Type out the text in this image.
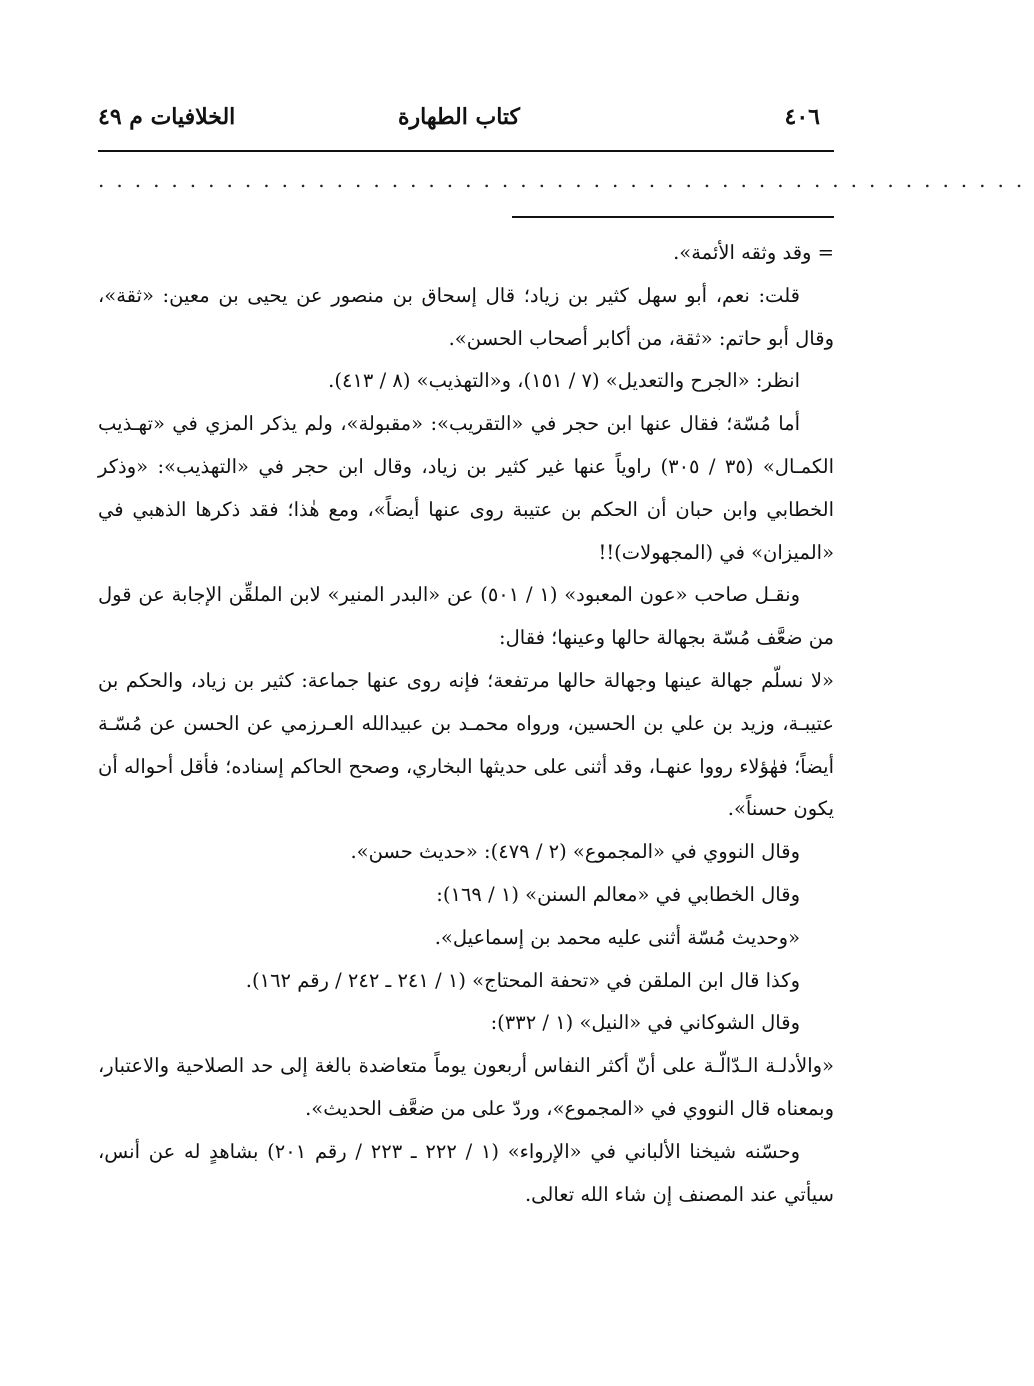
٤٠٦
كتاب الطهارة
الخلافيات م ٤٩
...................................................

= وقد وثقه الأئمة».

قلت: نعم، أبو سهل كثير بن زياد؛ قال إسحاق بن منصور عن يحيى بن معين: «ثقة»، وقال أبو حاتم: «ثقة، من أكابر أصحاب الحسن».

انظر: «الجرح والتعديل» (٧ / ١٥١)، و«التهذيب» (٨ / ٤١٣).

أما مُسّة؛ فقال عنها ابن حجر في «التقريب»: «مقبولة»، ولم يذكر المزي في «تهـذيب الكمـال» (٣٥ / ٣٠٥) راوياً عنها غير كثير بن زياد، وقال ابن حجر في «التهذيب»: «وذكر الخطابي وابن حبان أن الحكم بن عتيبة روى عنها أيضاً»، ومع هٰذا؛ فقد ذكرها الذهبي في «الميزان» في (المجهولات)!!

ونقـل صاحب «عون المعبود» (١ / ٥٠١) عن «البدر المنير» لابن الملقِّن الإجابة عن قول من ضعَّف مُسّة بجهالة حالها وعينها؛ فقال:

«لا نسلّم جهالة عينها وجهالة حالها مرتفعة؛ فإنه روى عنها جماعة: كثير بن زياد، والحكم بن عتيبـة، وزيد بن علي بن الحسين، ورواه محمـد بن عبيدالله العـرزمي عن الحسن عن مُسّـة أيضاً؛ فهٰؤلاء رووا عنهـا، وقد أثنى على حديثها البخاري، وصحح الحاكم إسناده؛ فأقل أحواله أن يكون حسناً».

وقال النووي في «المجموع» (٢ / ٤٧٩): «حديث حسن».

وقال الخطابي في «معالم السنن» (١ / ١٦٩):

«وحديث مُسّة أثنى عليه محمد بن إسماعيل».

وكذا قال ابن الملقن في «تحفة المحتاج» (١ / ٢٤١ ـ ٢٤٢ / رقم ١٦٢).

وقال الشوكاني في «النيل» (١ / ٣٣٢):

«والأدلـة الـدّالّـة على أنّ أكثر النفاس أربعون يوماً متعاضدة بالغة إلى حد الصلاحية والاعتبار، وبمعناه قال النووي في «المجموع»، وردّ على من ضعَّف الحديث».

وحسّنه شيخنا الألباني في «الإرواء» (١ / ٢٢٢ ـ ٢٢٣ / رقم ٢٠١) بشاهدٍ له عن أنس، سيأتي عند المصنف إن شاء الله تعالى.
